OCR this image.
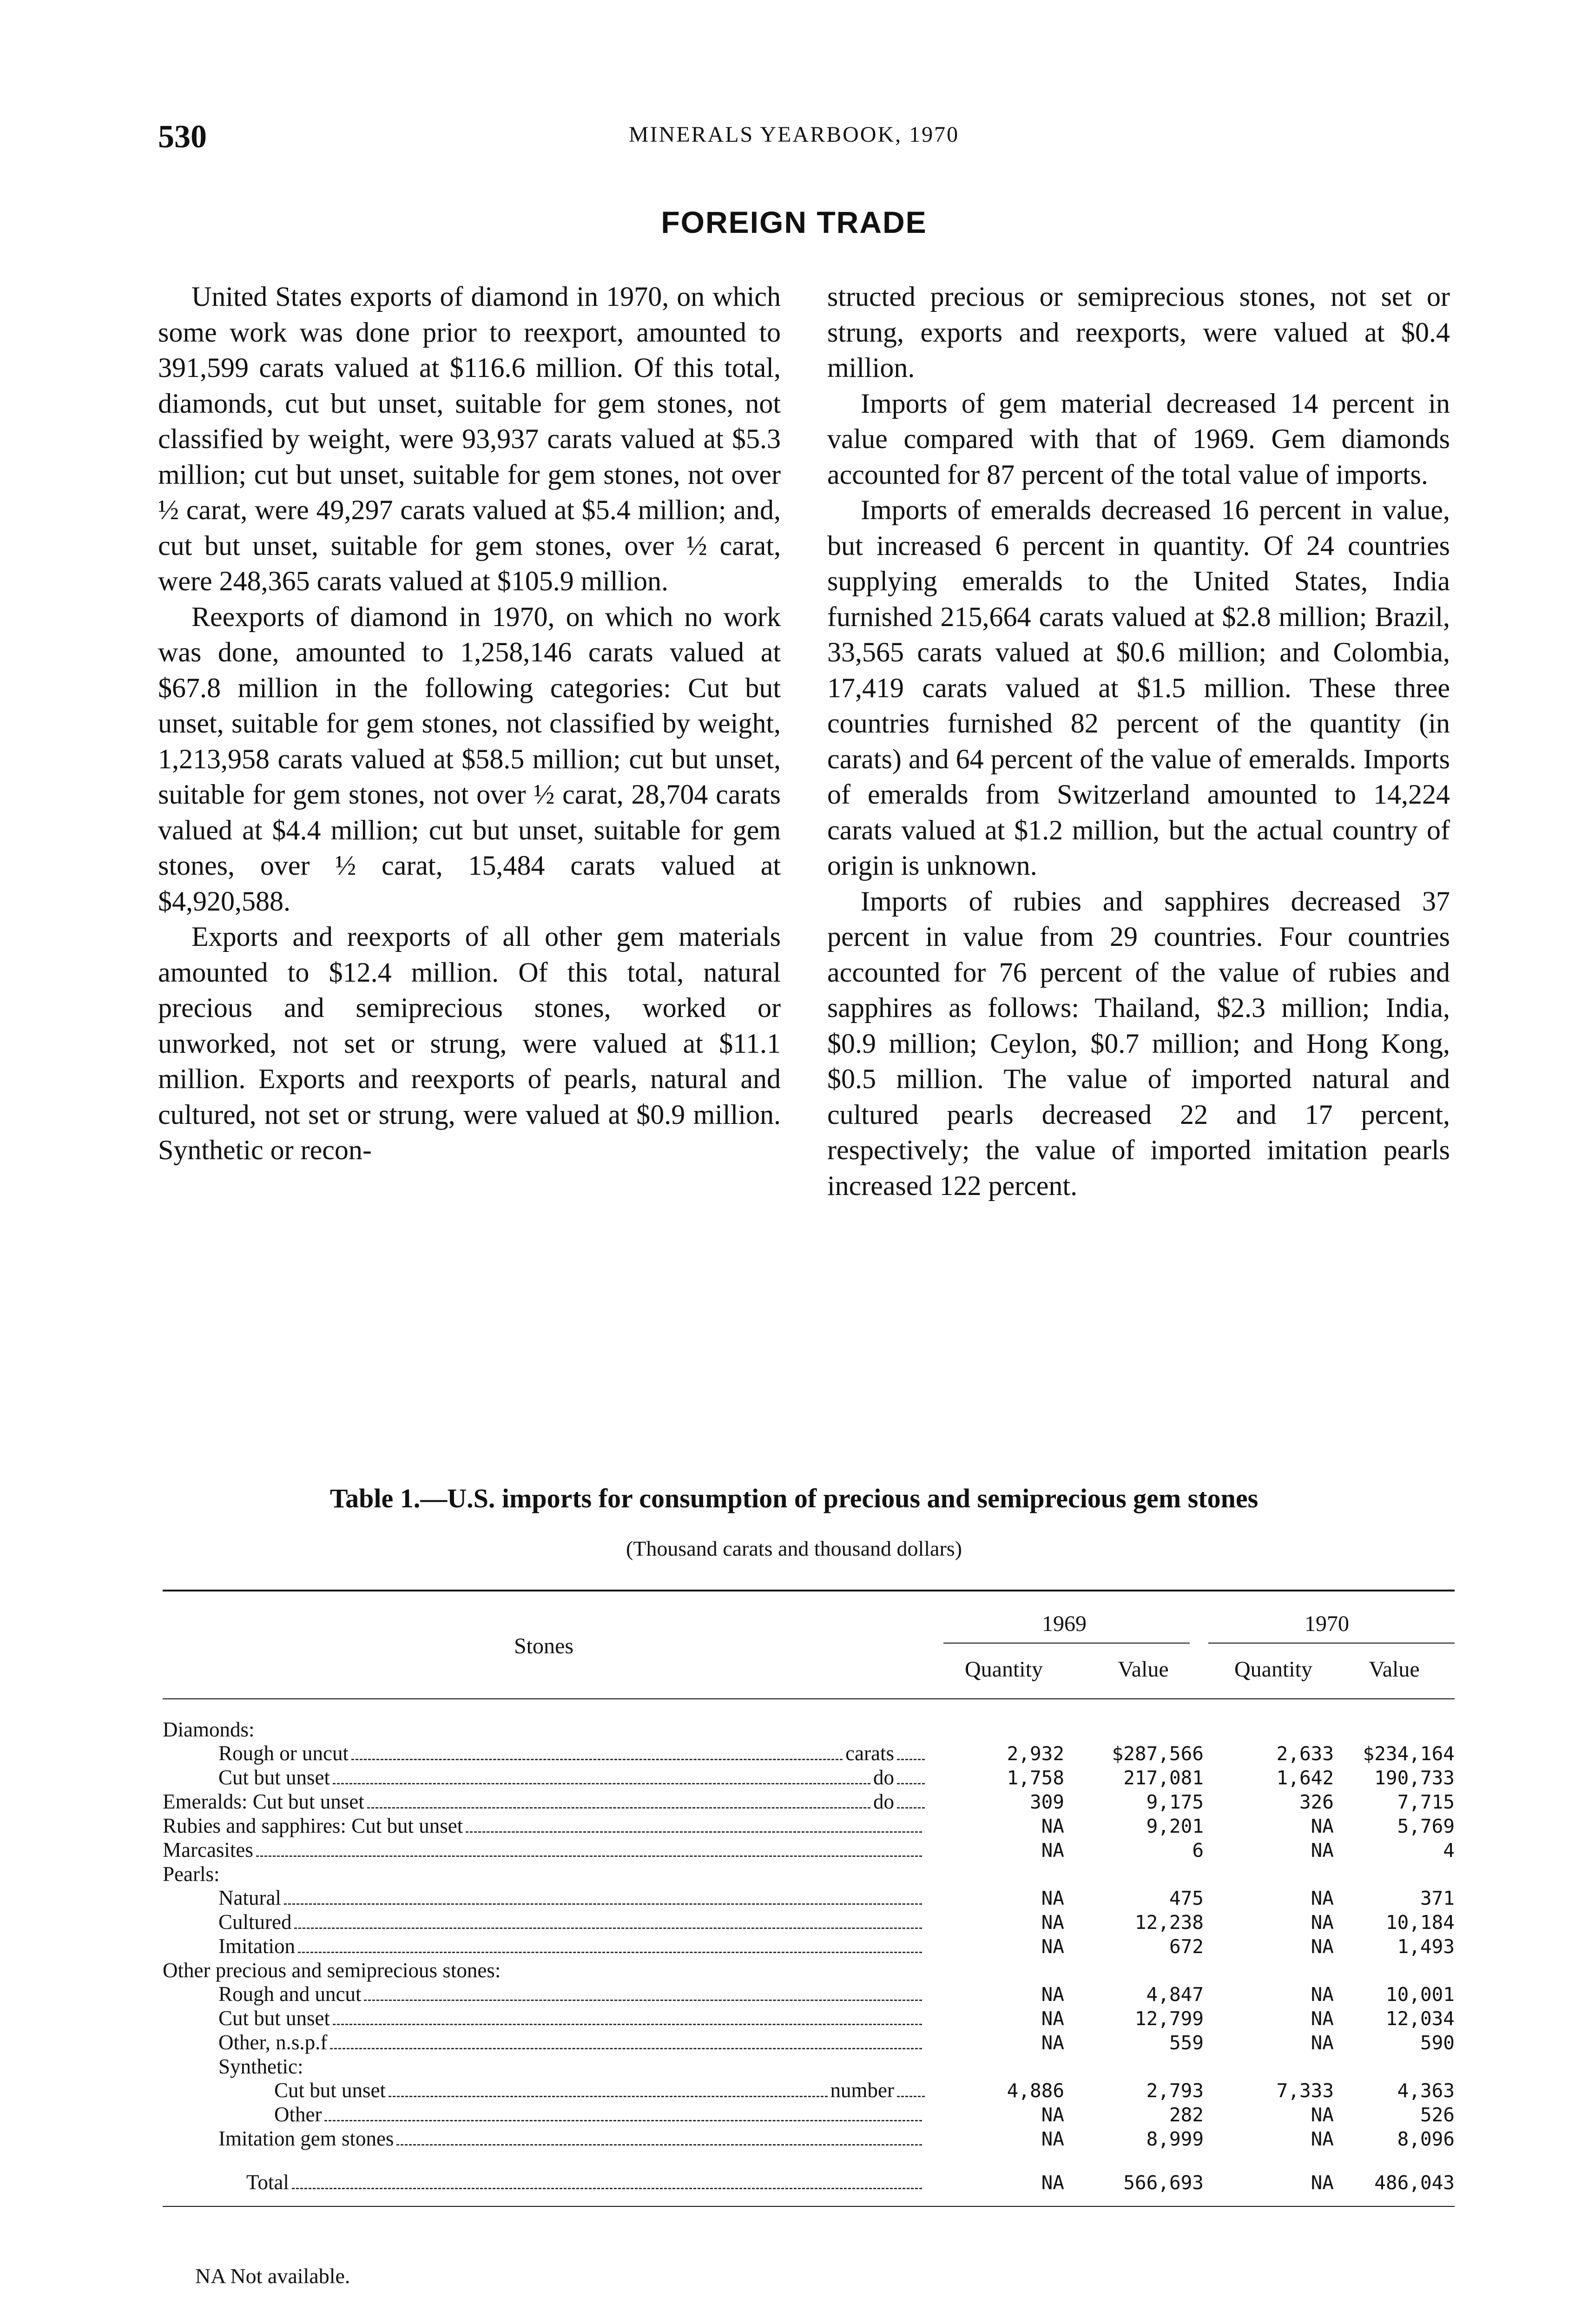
530	MINERALS YEARBOOK, 1970
FOREIGN TRADE

United States exports of diamond in 1970, on which some work was done prior to reexport, amounted to 391,599 carats valued at $116.6 million. Of this total, diamonds, cut but unset, suitable for gem stones, not classified by weight, were 93,937 carats valued at $5.3 million; cut but unset, suitable for gem stones, not over ½ carat, were 49,297 carats valued at $5.4 million; and, cut but unset, suitable for gem stones, over ½ carat, were 248,365 carats valued at $105.9 million.

Reexports of diamond in 1970, on which no work was done, amounted to 1,258,146 carats valued at $67.8 million in the following categories: Cut but unset, suitable for gem stones, not classified by weight, 1,213,958 carats valued at $58.5 million; cut but unset, suitable for gem stones, not over ½ carat, 28,704 carats valued at $4.4 million; cut but unset, suitable for gem stones, over ½ carat, 15,484 carats valued at $4,920,588.

Exports and reexports of all other gem materials amounted to $12.4 million. Of this total, natural precious and semiprecious stones, worked or unworked, not set or strung, were valued at $11.1 million. Exports and reexports of pearls, natural and cultured, not set or strung, were valued at $0.9 million. Synthetic or recon-

structed precious or semiprecious stones, not set or strung, exports and reexports, were valued at $0.4 million.

Imports of gem material decreased 14 percent in value compared with that of 1969. Gem diamonds accounted for 87 percent of the total value of imports.

Imports of emeralds decreased 16 percent in value, but increased 6 percent in quantity. Of 24 countries supplying emeralds to the United States, India furnished 215,664 carats valued at $2.8 million; Brazil, 33,565 carats valued at $0.6 million; and Colombia, 17,419 carats valued at $1.5 million. These three countries furnished 82 percent of the quantity (in carats) and 64 percent of the value of emeralds. Imports of emeralds from Switzerland amounted to 14,224 carats valued at $1.2 million, but the actual country of origin is unknown.

Imports of rubies and sapphires decreased 37 percent in value from 29 countries. Four countries accounted for 76 percent of the value of rubies and sapphires as follows: Thailand, $2.3 million; India, $0.9 million; Ceylon, $0.7 million; and Hong Kong, $0.5 million. The value of imported natural and cultured pearls decreased 22 and 17 percent, respectively; the value of imported imitation pearls increased 122 percent.

Table 1.—U.S. imports for consumption of precious and semiprecious gem stones
(Thousand carats and thousand dollars)
Stones
1969	1970
Quantity	Value	Quantity	Value
Diamonds:				

Rough or uncut carats	2,932	$287,566	2,633	$234,164

Cut but unset do	1,758	217,081	1,642	190,733

Emeralds: Cut but unset do	309	9,175	326	7,715

Rubies and sapphires: Cut but unset	NA	9,201	NA	5,769

Marcasites	NA	6	NA	4

Pearls:				

Natural	NA	475	NA	371

Cultured	NA	12,238	NA	10,184

Imitation	NA	672	NA	1,493

Other precious and semiprecious stones:				

Rough and uncut	NA	4,847	NA	10,001

Cut but unset	NA	12,799	NA	12,034

Other, n.s.p.f	NA	559	NA	590

Synthetic:				

Cut but unset number	4,886	2,793	7,333	4,363

Other	NA	282	NA	526

Imitation gem stones	NA	8,999	NA	8,096

Total	NA	566,693	NA	486,043
NA Not available.
